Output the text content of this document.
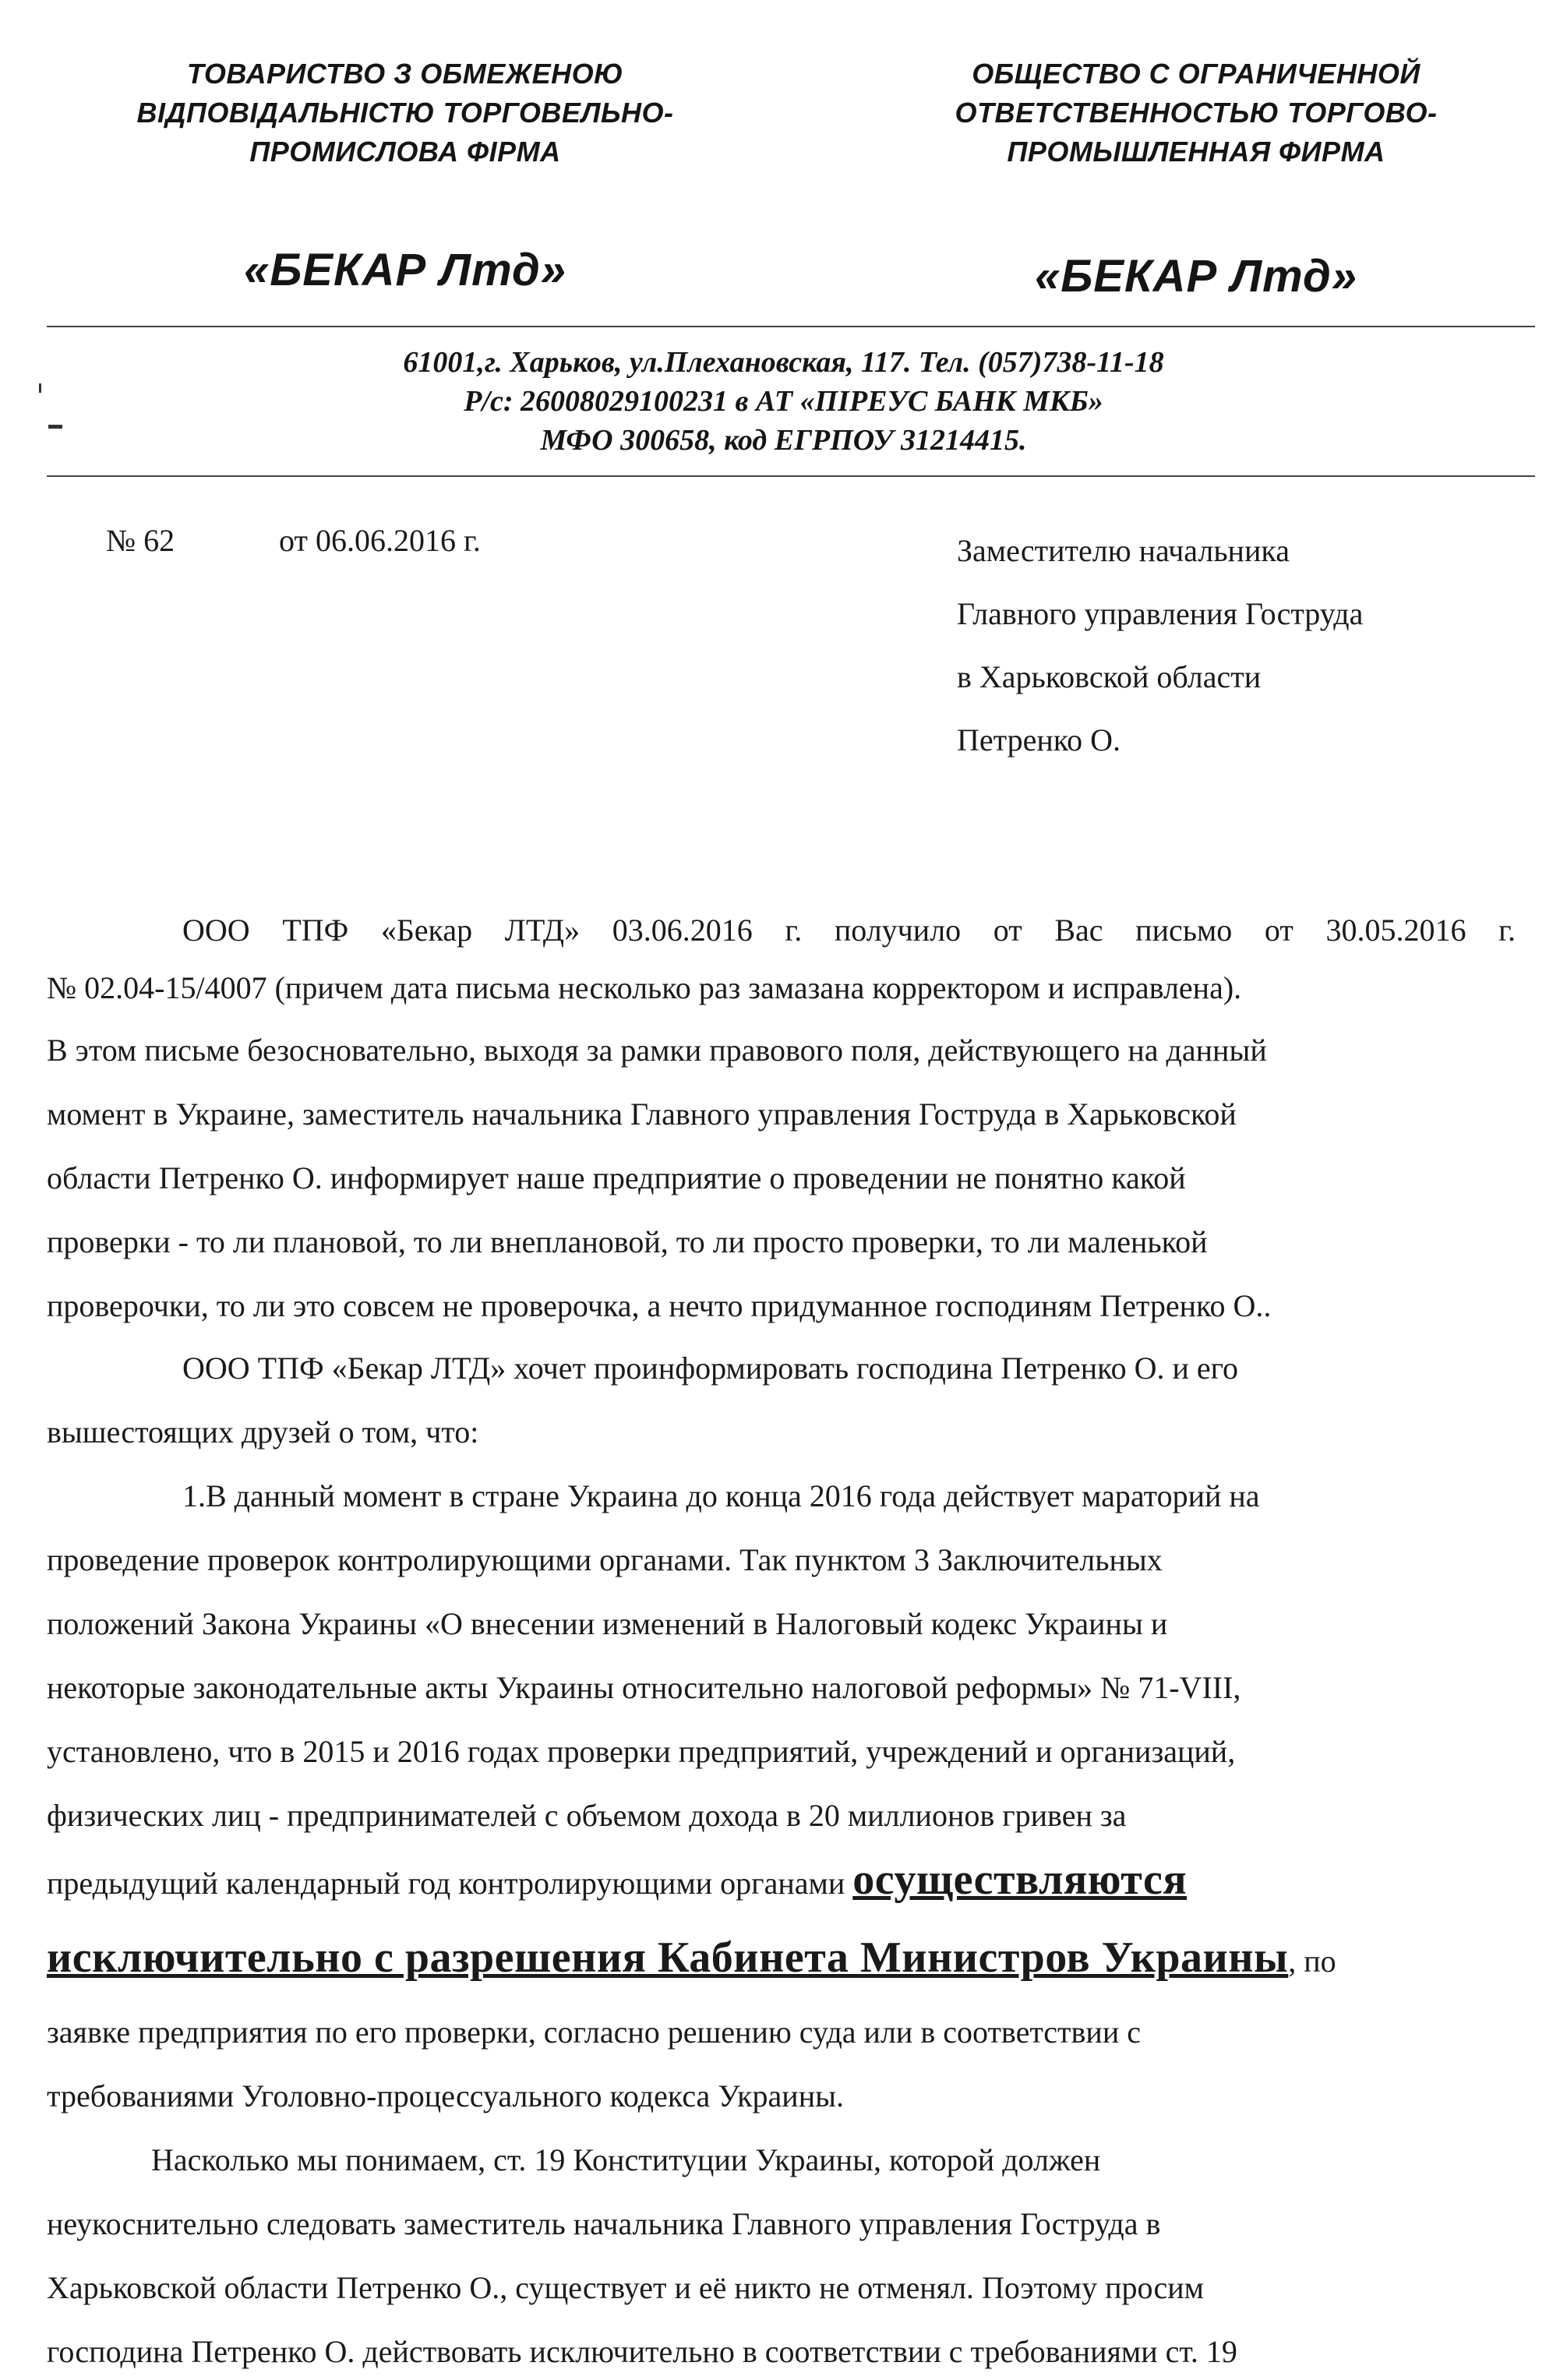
ТОВАРИСТВО З ОБМЕЖЕНОЮ
ВІДПОВІДАЛЬНІСТЮ ТОРГОВЕЛЬНО-
ПРОМИСЛОВА ФІРМА
«БЕКАР Лтд»
ОБЩЕСТВО С ОГРАНИЧЕННОЙ
ОТВЕТСТВЕННОСТЬЮ ТОРГОВО-
ПРОМЫШЛЕННАЯ ФИРМА
«БЕКАР Лтд»
61001,г. Харьков, ул.Плехановская, 117. Тел. (057)738-11-18
Р/с: 26008029100231 в АТ «ПІРЕУС БАНК МКБ»
МФО 300658, код ЕГРПОУ 31214415.
№ 62	от 06.06.2016 г.	Заместителю начальника
Главного управления Гоструда
в Харьковской области
Петренко О.
ООО ТПФ «Бекар ЛТД» 03.06.2016 г. получило от Вас письмо от 30.05.2016 г.
№ 02.04-15/4007 (причем дата письма несколько раз замазана корректором и исправлена).
В этом письме безосновательно, выходя за рамки правового поля, действующего на данный
момент в Украине, заместитель начальника Главного управления Гоструда в Харьковской
области Петренко О. информирует наше предприятие о проведении не понятно какой
проверки - то ли плановой, то ли внеплановой, то ли просто проверки, то ли маленькой
проверочки, то ли это совсем не проверочка, а нечто придуманное господиням Петренко О..
ООО ТПФ «Бекар ЛТД» хочет проинформировать господина Петренко О. и его
вышестоящих друзей о том, что:
1.В данный момент в стране Украина до конца 2016 года действует мараторий на
проведение проверок контролирующими органами. Так пунктом 3 Заключительных
положений Закона Украины «О внесении изменений в Налоговый кодекс Украины и
некоторые законодательные акты Украины относительно налоговой реформы» № 71-VIII,
установлено, что в 2015 и 2016 годах проверки предприятий, учреждений и организаций,
физических лиц - предпринимателей с объемом дохода в 20 миллионов гривен за
предыдущий календарный год контролирующими органами осуществляются
исключительно с разрешения Кабинета Министров Украины, по
заявке предприятия по его проверки, согласно решению суда или в соответствии с
требованиями Уголовно-процессуального кодекса Украины.
Насколько мы понимаем, ст. 19 Конституции Украины, которой должен
неукоснительно следовать заместитель начальника Главного управления Гоструда в
Харьковской области Петренко О., существует и её никто не отменял. Поэтому просим
господина Петренко О. действовать исключительно в соответствии с требованиями ст. 19
